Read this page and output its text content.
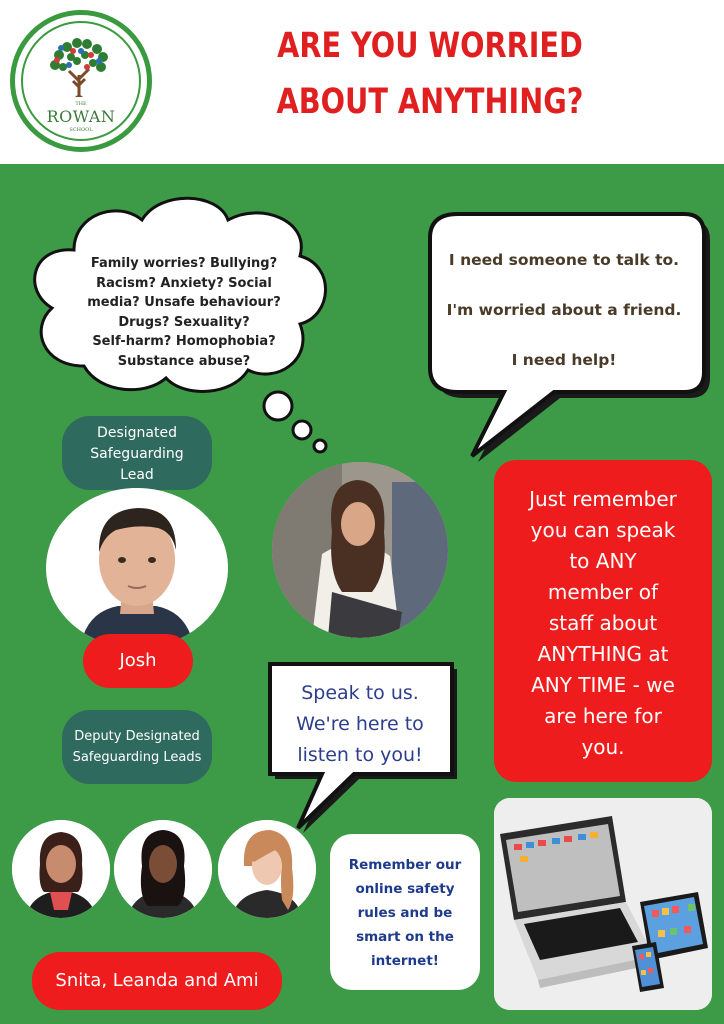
THE
ROWAN
SCHOOL
ARE YOU WORRIED
ABOUT ANYTHING?
Family worries? Bullying?
Racism? Anxiety? Social
media? Unsafe behaviour?
Drugs? Sexuality?
Self-harm? Homophobia?
Substance abuse?
I need someone to talk to.
I'm worried about a friend.
I need help!
Designated
Safeguarding
Lead
Josh
Just remember
you can speak
to ANY
member of
staff about
ANYTHING at
ANY TIME - we
are here for
you.
Speak to us.
We're here to
listen to you!
Deputy Designated
Safeguarding Leads
Snita, Leanda and Ami
Remember our
online safety
rules and be
smart on the
internet!
